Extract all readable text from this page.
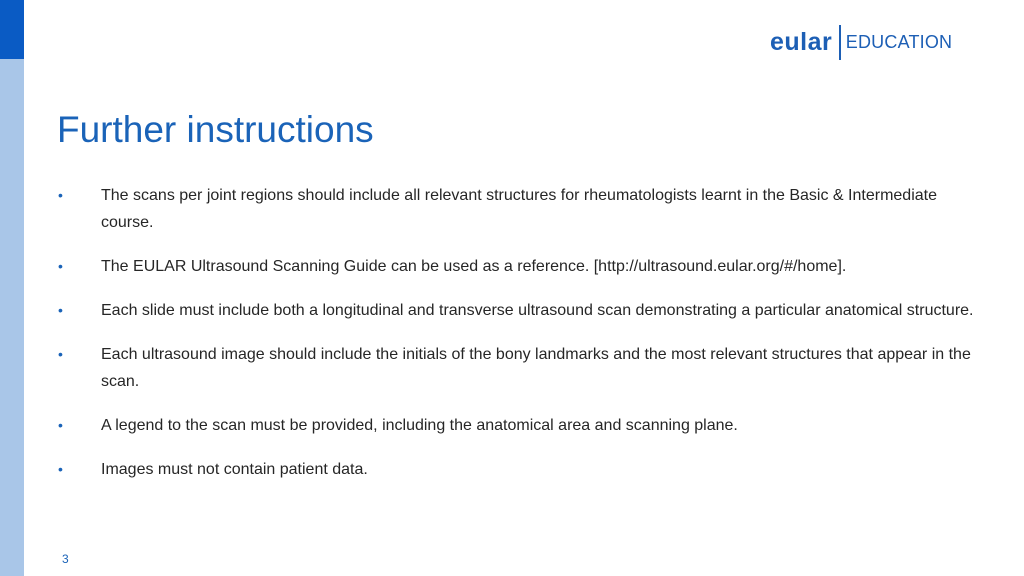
eular EDUCATION
Further instructions
• The scans per joint regions should include all relevant structures for rheumatologists learnt in the Basic & Intermediate course.
• The EULAR Ultrasound Scanning Guide can be used as a reference. [http://ultrasound.eular.org/#/home].
• Each slide must include both a longitudinal and transverse ultrasound scan demonstrating a particular anatomical structure.
• Each ultrasound image should include the initials of the bony landmarks and the most relevant structures that appear in the scan.
• A legend to the scan must be provided, including the anatomical area and scanning plane.
• Images must not contain patient data.
3
